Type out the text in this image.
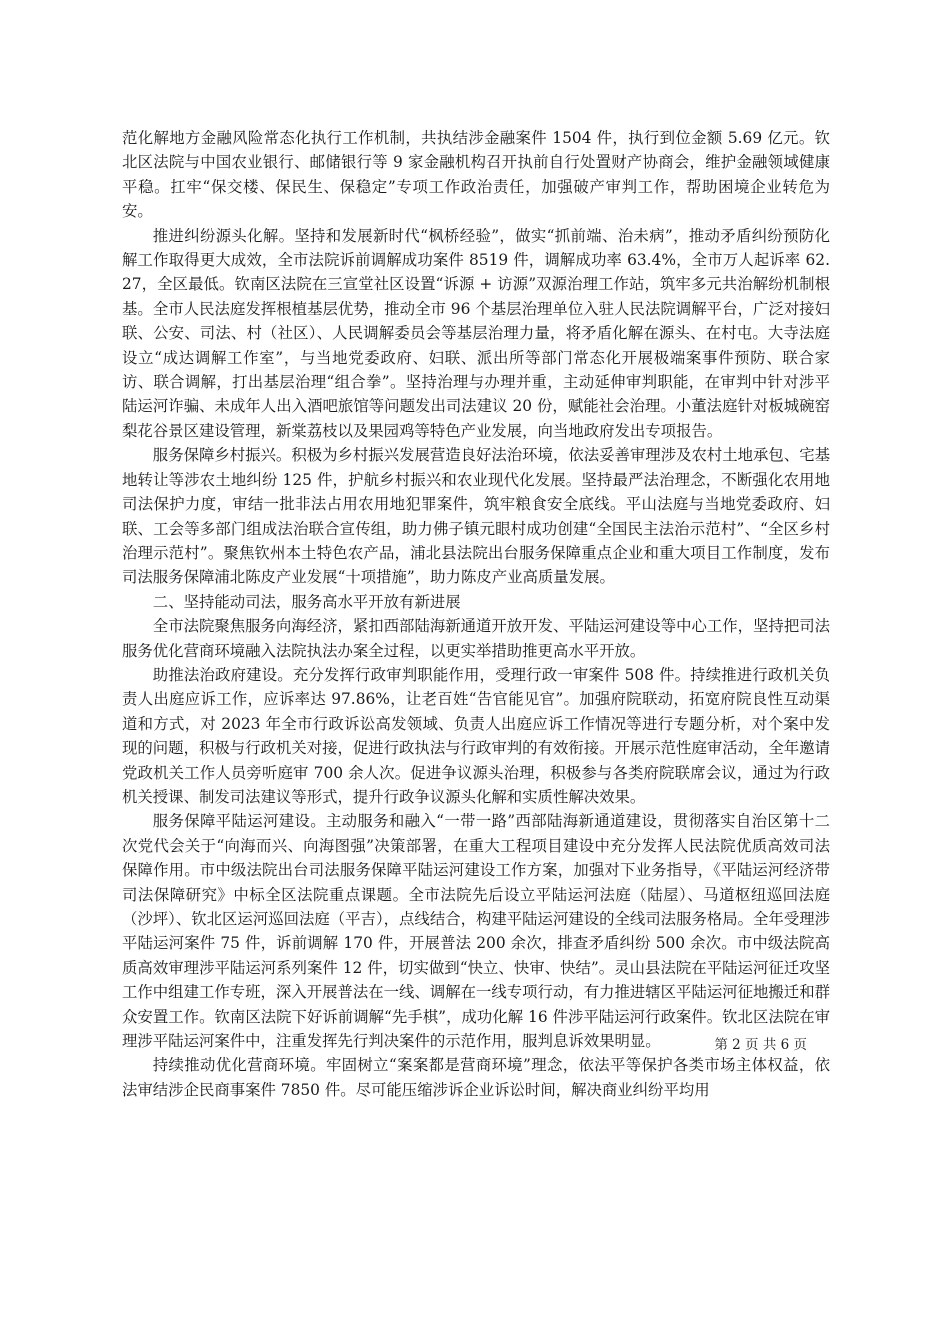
范化解地方金融风险常态化执行工作机制，共执结涉金融案件 1504 件，执行到位金额 5.69 亿元。钦北区法院与中国农业银行、邮储银行等 9 家金融机构召开执前自行处置财产协商会，维护金融领域健康平稳。扛牢“保交楼、保民生、保稳定”专项工作政治责任，加强破产审判工作，帮助困境企业转危为安。

推进纠纷源头化解。坚持和发展新时代“枫桥经验”，做实“抓前端、治未病”，推动矛盾纠纷预防化解工作取得更大成效，全市法院诉前调解成功案件 8519 件，调解成功率 63.4%，全市万人起诉率 62.27，全区最低。钦南区法院在三宣堂社区设置“诉源 + 访源”双源治理工作站，筑牢多元共治解纷机制根基。全市人民法庭发挥根植基层优势，推动全市 96 个基层治理单位入驻人民法院调解平台，广泛对接妇联、公安、司法、村（社区）、人民调解委员会等基层治理力量，将矛盾化解在源头、在村屯。大寺法庭设立“成达调解工作室”，与当地党委政府、妇联、派出所等部门常态化开展极端案事件预防、联合家访、联合调解，打出基层治理“组合拳”。坚持治理与办理并重，主动延伸审判职能，在审判中针对涉平陆运河诈骗、未成年人出入酒吧旅馆等问题发出司法建议 20 份，赋能社会治理。小董法庭针对板城碗窑梨花谷景区建设管理，新棠荔枝以及果园鸡等特色产业发展，向当地政府发出专项报告。

服务保障乡村振兴。积极为乡村振兴发展营造良好法治环境，依法妥善审理涉及农村土地承包、宅基地转让等涉农土地纠纷 125 件，护航乡村振兴和农业现代化发展。坚持最严法治理念，不断强化农用地司法保护力度，审结一批非法占用农用地犯罪案件，筑牢粮食安全底线。平山法庭与当地党委政府、妇联、工会等多部门组成法治联合宣传组，助力佛子镇元眼村成功创建“全国民主法治示范村”、“全区乡村治理示范村”。聚焦钦州本土特色农产品，浦北县法院出台服务保障重点企业和重大项目工作制度，发布司法服务保障浦北陈皮产业发展“十项措施”，助力陈皮产业高质量发展。

二、坚持能动司法，服务高水平开放有新进展

全市法院聚焦服务向海经济，紧扣西部陆海新通道开放开发、平陆运河建设等中心工作，坚持把司法服务优化营商环境融入法院执法办案全过程，以更实举措助推更高水平开放。

助推法治政府建设。充分发挥行政审判职能作用，受理行政一审案件 508 件。持续推进行政机关负责人出庭应诉工作，应诉率达 97.86%，让老百姓“告官能见官”。加强府院联动，拓宽府院良性互动渠道和方式，对 2023 年全市行政诉讼高发领域、负责人出庭应诉工作情况等进行专题分析，对个案中发现的问题，积极与行政机关对接，促进行政执法与行政审判的有效衔接。开展示范性庭审活动，全年邀请党政机关工作人员旁听庭审 700 余人次。促进争议源头治理，积极参与各类府院联席会议，通过为行政机关授课、制发司法建议等形式，提升行政争议源头化解和实质性解决效果。

服务保障平陆运河建设。主动服务和融入“一带一路”西部陆海新通道建设，贯彻落实自治区第十二次党代会关于“向海而兴、向海图强”决策部署，在重大工程项目建设中充分发挥人民法院优质高效司法保障作用。市中级法院出台司法服务保障平陆运河建设工作方案，加强对下业务指导，《平陆运河经济带司法保障研究》中标全区法院重点课题。全市法院先后设立平陆运河法庭（陆屋）、马道枢纽巡回法庭（沙坪）、钦北区运河巡回法庭（平吉），点线结合，构建平陆运河建设的全线司法服务格局。全年受理涉平陆运河案件 75 件，诉前调解 170 件，开展普法 200 余次，排查矛盾纠纷 500 余次。市中级法院高质高效审理涉平陆运河系列案件 12 件，切实做到“快立、快审、快结”。灵山县法院在平陆运河征迁攻坚工作中组建工作专班，深入开展普法在一线、调解在一线专项行动，有力推进辖区平陆运河征地搬迁和群众安置工作。钦南区法院下好诉前调解“先手棋”，成功化解 16 件涉平陆运河行政案件。钦北区法院在审理涉平陆运河案件中，注重发挥先行判决案件的示范作用，服判息诉效果明显。

持续推动优化营商环境。牢固树立“案案都是营商环境”理念，依法平等保护各类市场主体权益，依法审结涉企民商事案件 7850 件。尽可能压缩涉诉企业诉讼时间，解决商业纠纷平均用

第 2 页 共 6 页
